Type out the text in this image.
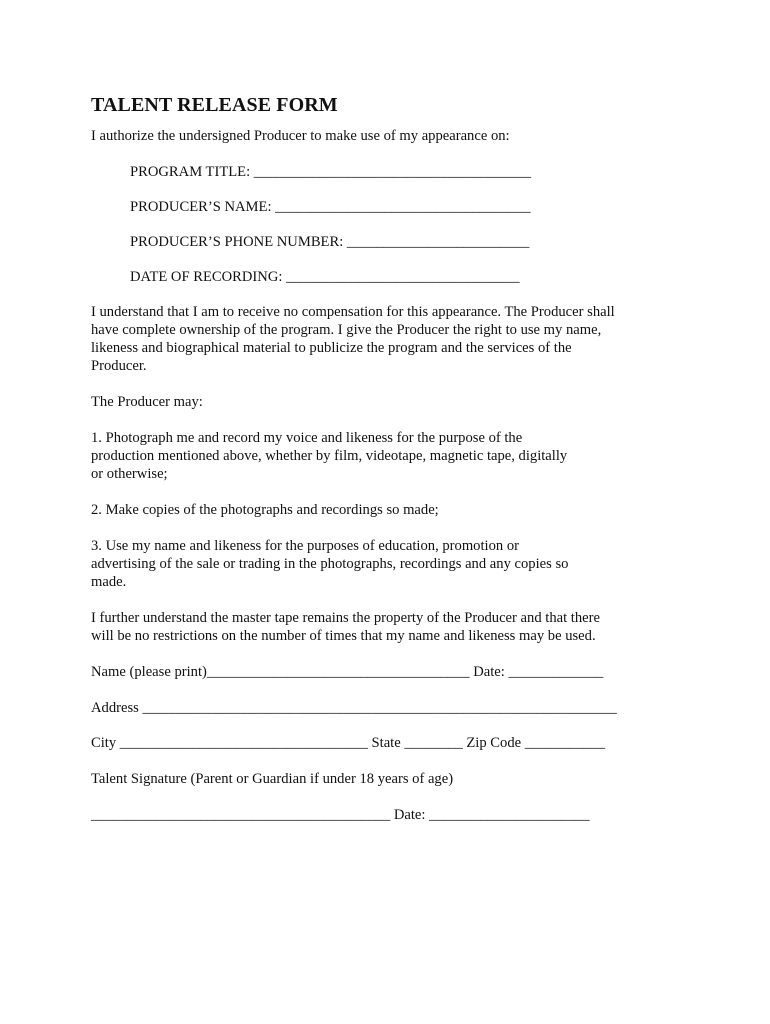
TALENT RELEASE FORM

I authorize the undersigned Producer to make use of my appearance on:

PROGRAM TITLE: ______________________________________
PRODUCER’S NAME: ___________________________________
PRODUCER’S PHONE NUMBER: _________________________
DATE OF RECORDING: ________________________________
I understand that I am to receive no compensation for this appearance. The Producer shall
have complete ownership of the program. I give the Producer the right to use my name,
likeness and biographical material to publicize the program and the services of the
Producer.

The Producer may:

1. Photograph me and record my voice and likeness for the purpose of the
production mentioned above, whether by film, videotape, magnetic tape, digitally
or otherwise;

2. Make copies of the photographs and recordings so made;

3. Use my name and likeness for the purposes of education, promotion or
advertising of the sale or trading in the photographs, recordings and any copies so
made.
I further understand the master tape remains the property of the Producer and that there
will be no restrictions on the number of times that my name and likeness may be used.

Name (please print)____________________________________ Date: _____________

Address _________________________________________________________________

City __________________________________ State ________ Zip Code ___________

Talent Signature (Parent or Guardian if under 18 years of age)

_________________________________________ Date: ______________________
